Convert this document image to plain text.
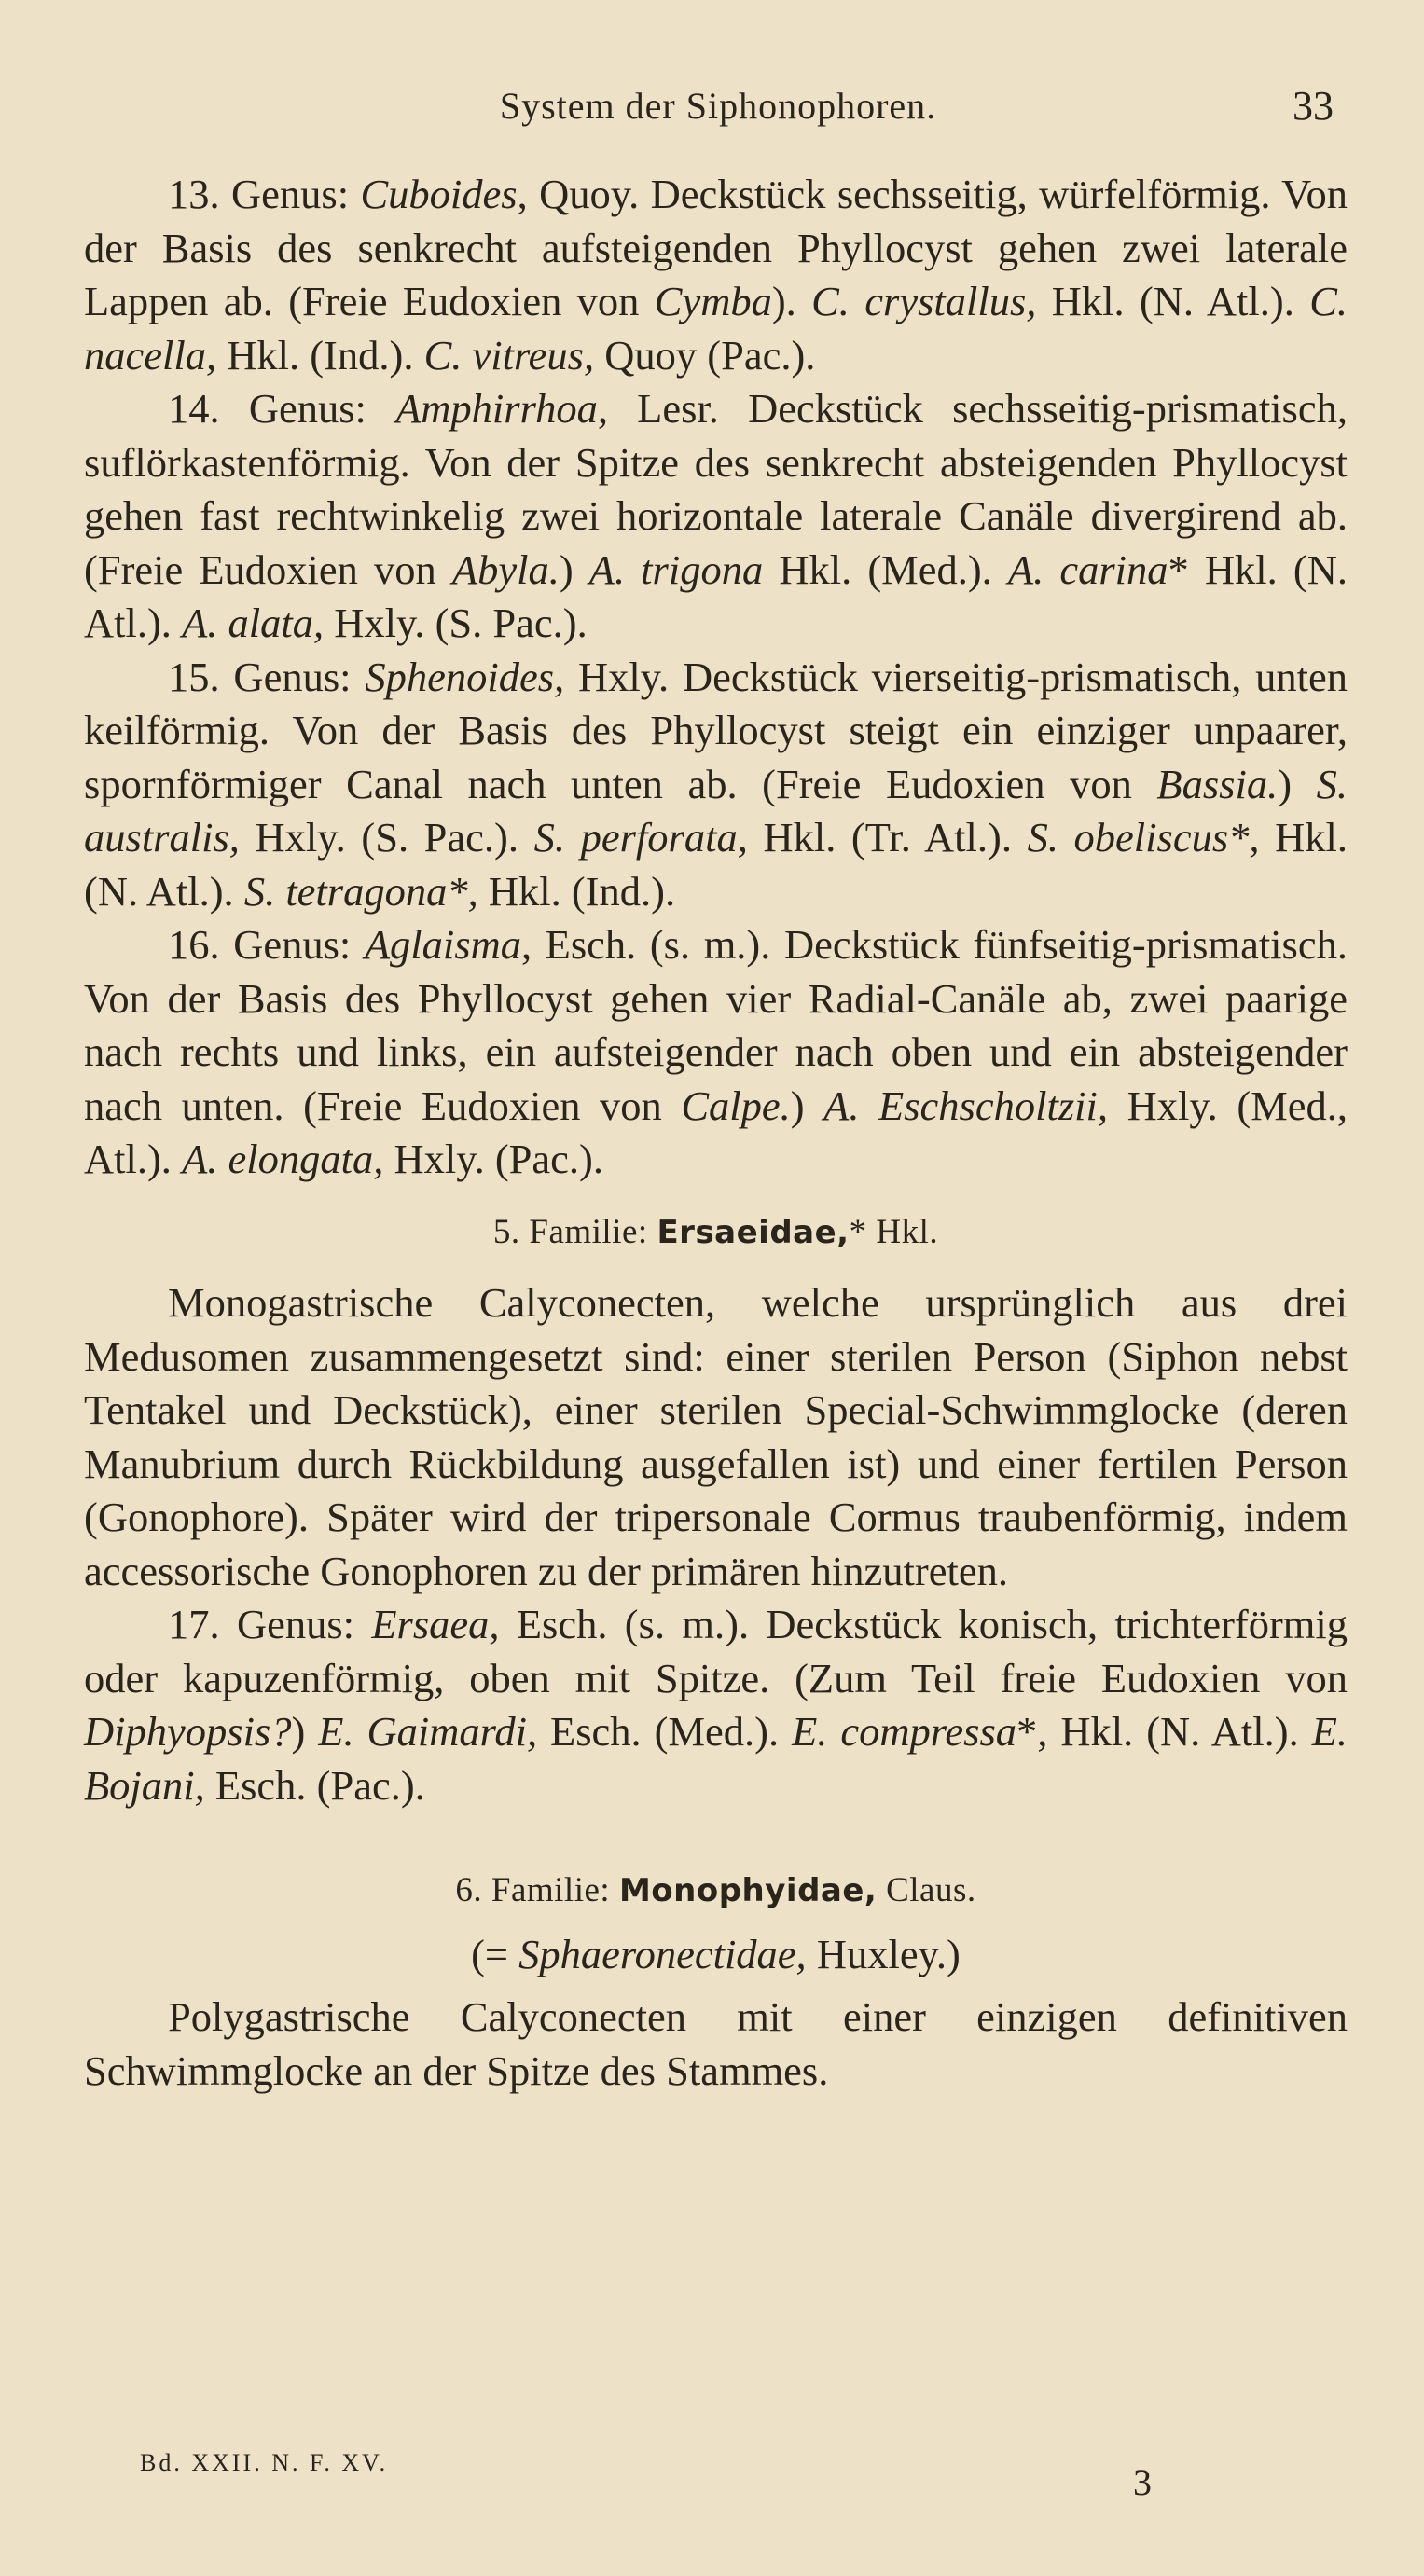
System der Siphonophoren.	33

13. Genus: Cuboides, Quoy. Deckstück sechsseitig, würfelförmig. Von der Basis des senkrecht aufsteigenden Phyllocyst gehen zwei laterale Lappen ab. (Freie Eudoxien von Cymba). C. crystallus, Hkl. (N. Atl.). C. nacella, Hkl. (Ind.). C. vitreus, Quoy (Pac.).

14. Genus: Amphirrhoa, Lesr. Deckstück sechsseitig-prismatisch, suflörkastenförmig. Von der Spitze des senkrecht absteigenden Phyllocyst gehen fast rechtwinkelig zwei horizontale laterale Canäle divergirend ab. (Freie Eudoxien von Abyla.) A. trigona Hkl. (Med.). A. carina* Hkl. (N. Atl.). A. alata, Hxly. (S. Pac.).

15. Genus: Sphenoides, Hxly. Deckstück vierseitig-prismatisch, unten keilförmig. Von der Basis des Phyllocyst steigt ein einziger unpaarer, spornförmiger Canal nach unten ab. (Freie Eudoxien von Bassia.) S. australis, Hxly. (S. Pac.). S. perforata, Hkl. (Tr. Atl.). S. obeliscus*, Hkl. (N. Atl.). S. tetragona*, Hkl. (Ind.).

16. Genus: Aglaisma, Esch. (s. m.). Deckstück fünfseitig-prismatisch. Von der Basis des Phyllocyst gehen vier Radial-Canäle ab, zwei paarige nach rechts und links, ein aufsteigender nach oben und ein absteigender nach unten. (Freie Eudoxien von Calpe.) A. Eschscholtzii, Hxly. (Med., Atl.). A. elongata, Hxly. (Pac.).

5. Familie: Ersaeidae,* Hkl.

Monogastrische Calyconecten, welche ursprünglich aus drei Medusomen zusammengesetzt sind: einer sterilen Person (Siphon nebst Tentakel und Deckstück), einer sterilen Special-Schwimmglocke (deren Manubrium durch Rückbildung ausgefallen ist) und einer fertilen Person (Gonophore). Später wird der tripersonale Cormus traubenförmig, indem accessorische Gonophoren zu der primären hinzutreten.

17. Genus: Ersaea, Esch. (s. m.). Deckstück konisch, trichterförmig oder kapuzenförmig, oben mit Spitze. (Zum Teil freie Eudoxien von Diphyopsis?) E. Gaimardi, Esch. (Med.). E. compressa*, Hkl. (N. Atl.). E. Bojani, Esch. (Pac.).

6. Familie: Monophyidae, Claus.

(= Sphaeronectidae, Huxley.)

Polygastrische Calyconecten mit einer einzigen definitiven Schwimmglocke an der Spitze des Stammes.

Bd. XXII. N. F. XV.	3
